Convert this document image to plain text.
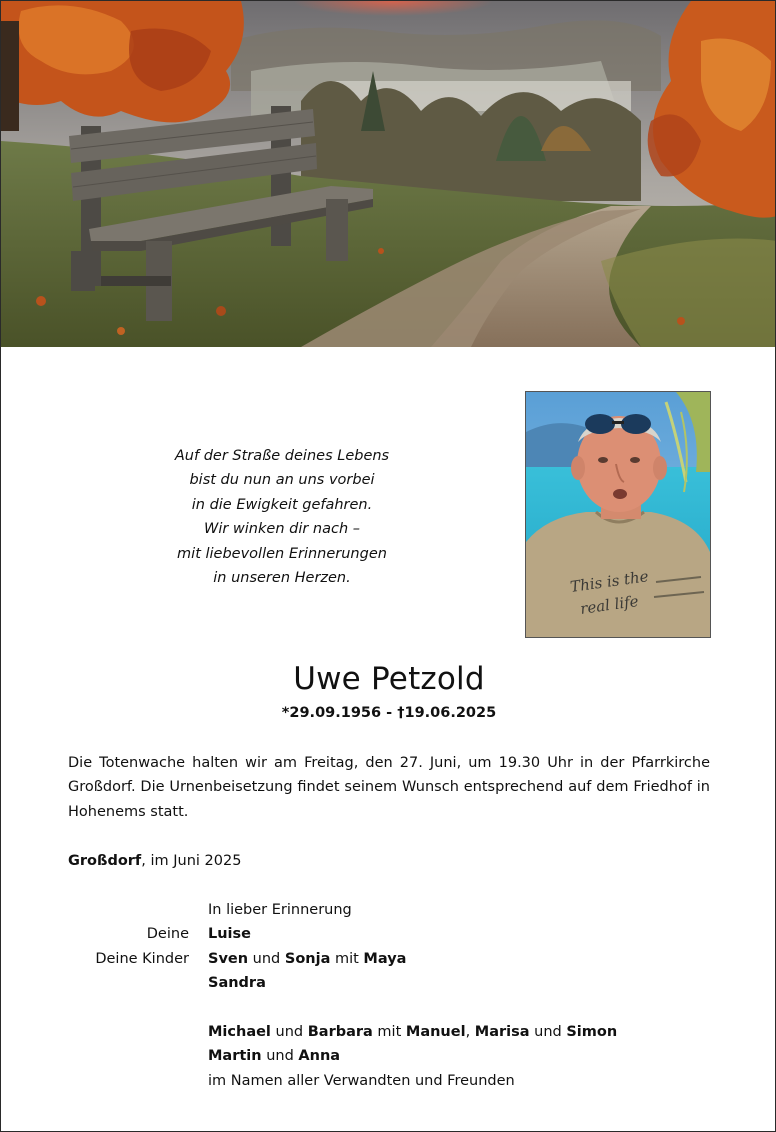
Auf der Straße deines Lebens
bist du nun an uns vorbei
in die Ewigkeit gefahren.
Wir winken dir nach –
mit liebevollen Erinnerungen
in unseren Herzen.	This is the
real life
Uwe Petzold
*29.09.1956 - †19.06.2025
Die Totenwache halten wir am Freitag, den 27. Juni, um 19.30 Uhr in der Pfarrkirche Großdorf. Die Urnenbeisetzung findet seinem Wunsch entsprechend auf dem Friedhof in Hohenems statt.
Großdorf, im Juni 2025
In lieber Erinnerung
Deine Luise
Deine Kinder Sven und Sonja mit Maya
Sandra
Michael und Barbara mit Manuel, Marisa und Simon
Martin und Anna
im Namen aller Verwandten und Freunden
